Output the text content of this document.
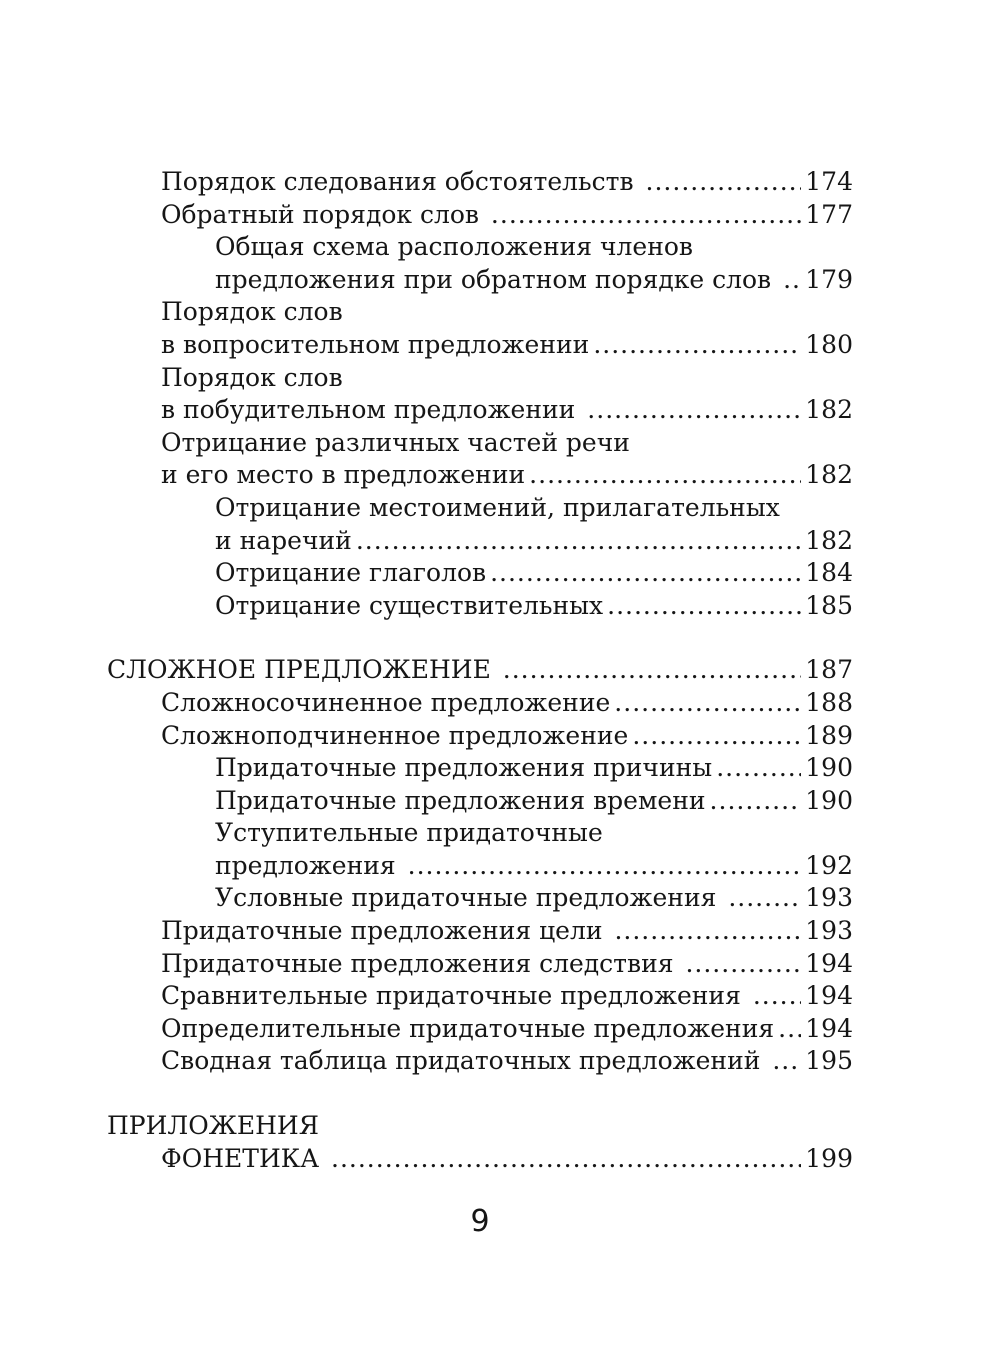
Порядок следования обстоятельств .....	174
Обратный порядок слов .....	177
Общая схема расположения членов
предложения при обратном порядке слов ..... 179
Порядок слов
в вопросительном предложении .....	180
Порядок слов
в побудительном предложении .....	182
Отрицание различных частей речи
и его место в предложении .....	182
Отрицание местоимений, прилагательных
и наречий .....	182
Отрицание глаголов .....	184
Отрицание существительных .....	185
СЛОЖНОЕ ПРЕДЛОЖЕНИЕ .....	187
Сложносочиненное предложение .....	188
Сложноподчиненное предложение .....	189
Придаточные предложения причины .....	190
Придаточные предложения времени .....	190
Уступительные придаточные
предложения .....	192
Условные придаточные предложения .....	193
Придаточные предложения цели .....	193
Придаточные предложения следствия .....	194
Сравнительные придаточные предложения ..... 194
Определительные придаточные предложения ..... 194
Сводная таблица придаточных предложений ..... 195
ПРИЛОЖЕНИЯ
ФОНЕТИКА .....	199
9
